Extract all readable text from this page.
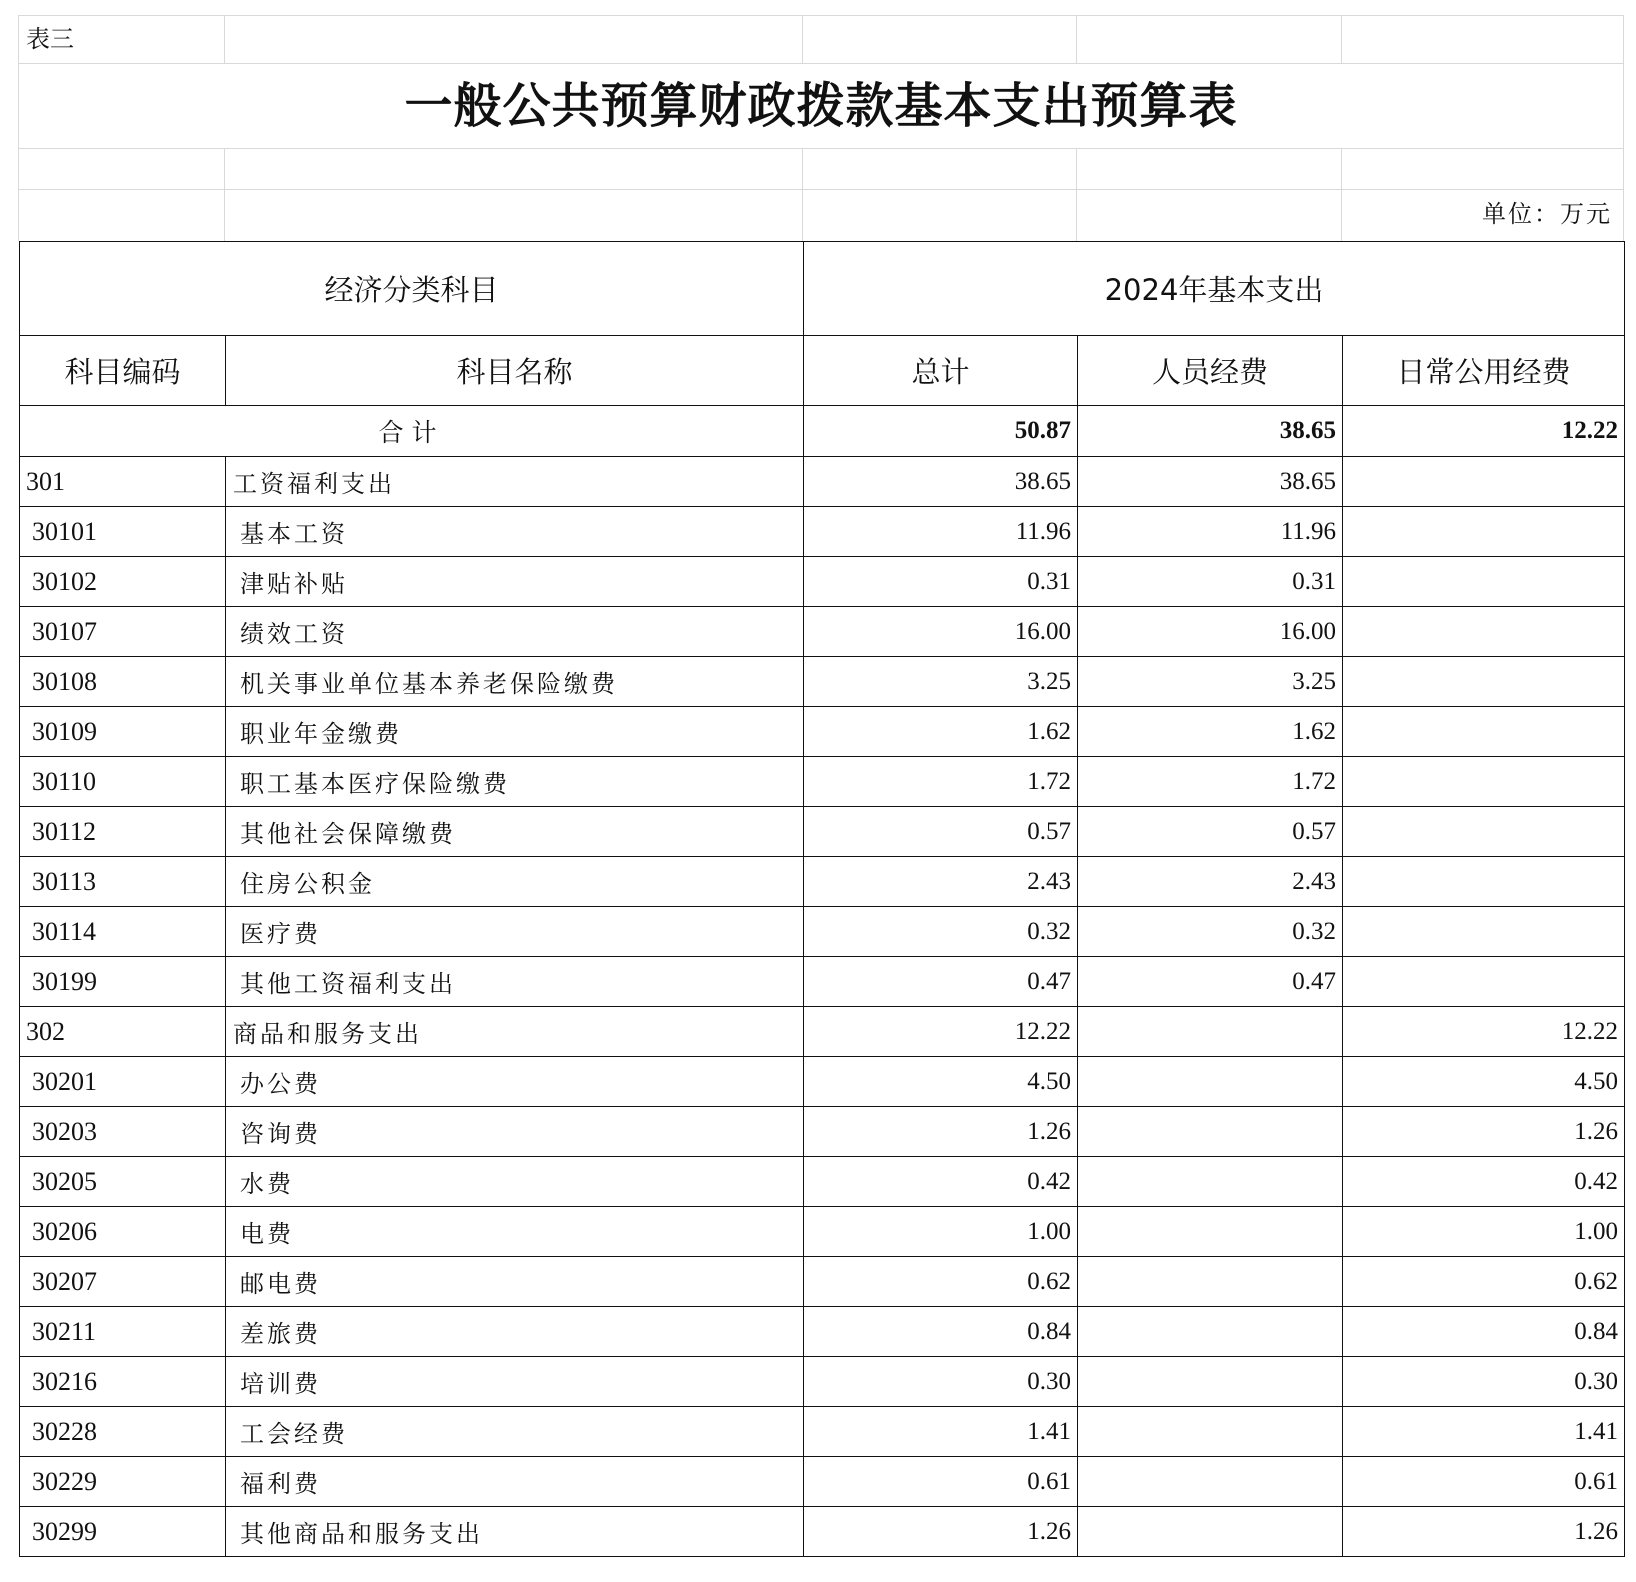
表三
一般公共预算财政拨款基本支出预算表
单位：万元
经济分类科目		2024年基本支出		
科目编码	科目名称	总计	人员经费	日常公用经费
合计		50.87	38.65	12.22
301	工资福利支出	38.65	38.65	
30101	基本工资	11.96	11.96	
30102	津贴补贴	0.31	0.31	
30107	绩效工资	16.00	16.00	
30108	机关事业单位基本养老保险缴费	3.25	3.25	
30109	职业年金缴费	1.62	1.62	
30110	职工基本医疗保险缴费	1.72	1.72	
30112	其他社会保障缴费	0.57	0.57	
30113	住房公积金	2.43	2.43	
30114	医疗费	0.32	0.32	
30199	其他工资福利支出	0.47	0.47	
302	商品和服务支出	12.22		12.22
30201	办公费	4.50		4.50
30203	咨询费	1.26		1.26
30205	水费	0.42		0.42
30206	电费	1.00		1.00
30207	邮电费	0.62		0.62
30211	差旅费	0.84		0.84
30216	培训费	0.30		0.30
30228	工会经费	1.41		1.41
30229	福利费	0.61		0.61
30299	其他商品和服务支出	1.26		1.26
